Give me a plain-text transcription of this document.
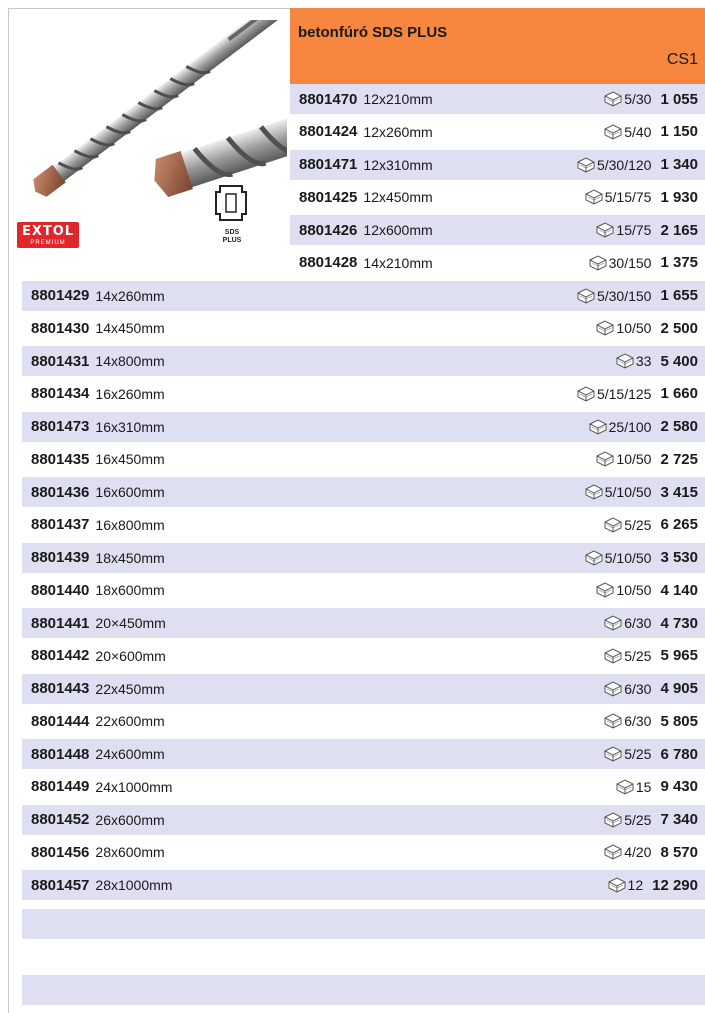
PLUS
SDS
EXTOL
PREMIUM
betonfúró SDS PLUS
CS1
8801470 12x210mm	5/30 1 055
8801424 12x260mm	5/40 1 150
8801471 12x310mm	5/30/120 1 340
8801425 12x450mm	5/15/75 1 930
8801426 12x600mm	15/75 2 165
8801428 14x210mm	30/150 1 375
8801429 14x260mm	5/30/150 1 655
8801430 14x450mm	10/50 2 500
8801431 14x800mm	33 5 400
8801434 16x260mm	5/15/125 1 660
8801473 16x310mm	25/100 2 580
8801435 16x450mm	10/50 2 725
8801436 16x600mm	5/10/50 3 415
8801437 16x800mm	5/25 6 265
8801439 18x450mm	5/10/50 3 530
8801440 18x600mm	10/50 4 140
8801441 20×450mm	6/30 4 730
8801442 20×600mm	5/25 5 965
8801443 22x450mm	6/30 4 905
8801444 22x600mm	6/30 5 805
8801448 24x600mm	5/25 6 780
8801449 24x1000mm	15 9 430
8801452 26x600mm	5/25 7 340
8801456 28x600mm	4/20 8 570
8801457 28x1000mm	12 12 290
